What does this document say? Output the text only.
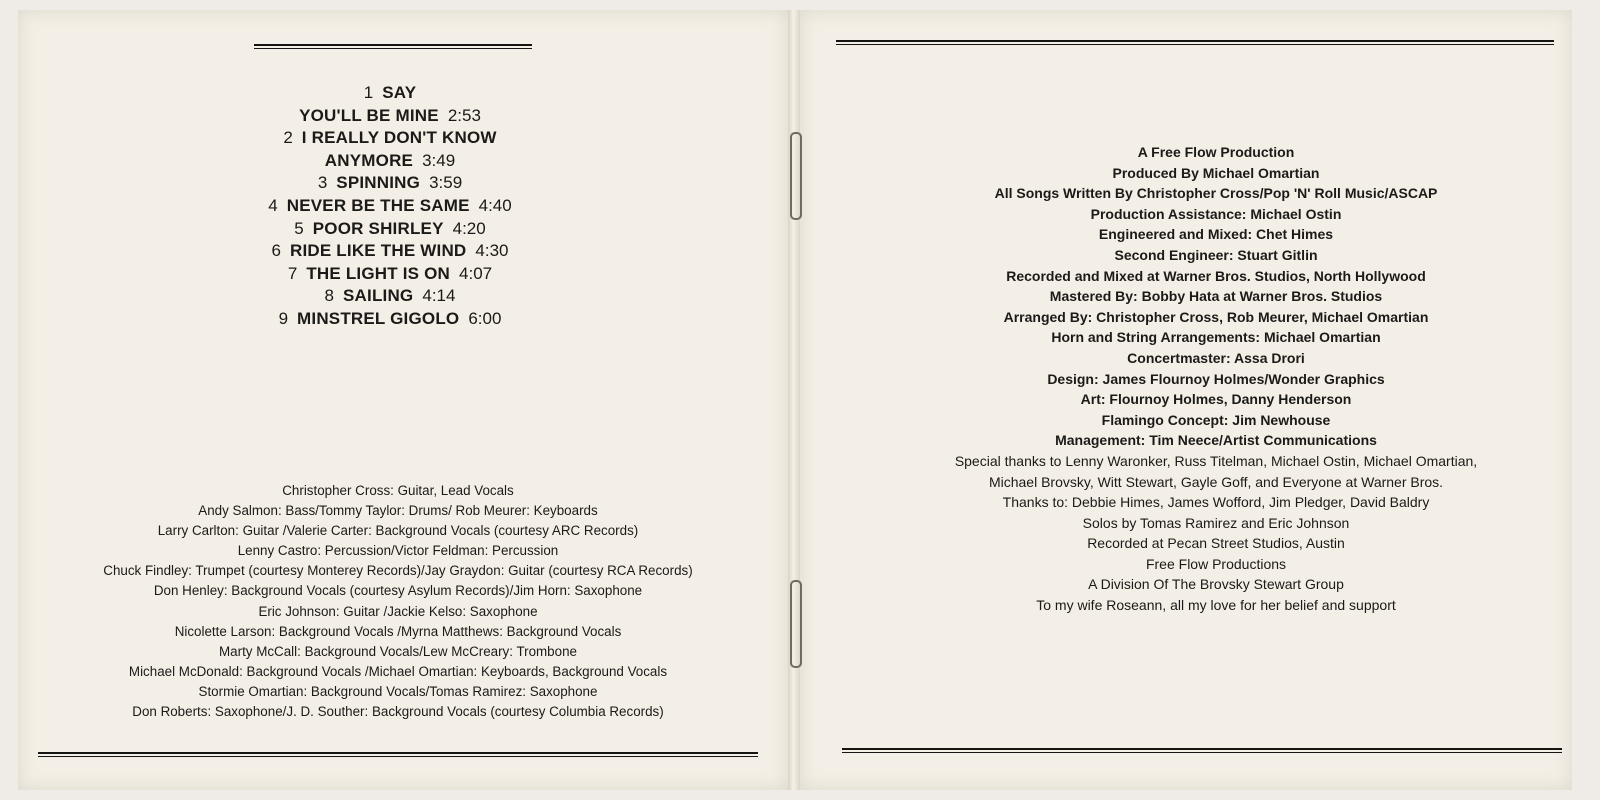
1 SAY
YOU'LL BE MINE 2:53
2 I REALLY DON'T KNOW
ANYMORE 3:49
3 SPINNING 3:59
4 NEVER BE THE SAME 4:40
5 POOR SHIRLEY 4:20
6 RIDE LIKE THE WIND 4:30
7 THE LIGHT IS ON 4:07
8 SAILING 4:14
9 MINSTREL GIGOLO 6:00
Christopher Cross: Guitar, Lead Vocals
Andy Salmon: Bass/Tommy Taylor: Drums/ Rob Meurer: Keyboards
Larry Carlton: Guitar /Valerie Carter: Background Vocals (courtesy ARC Records)
Lenny Castro: Percussion/Victor Feldman: Percussion
Chuck Findley: Trumpet (courtesy Monterey Records)/Jay Graydon: Guitar (courtesy RCA Records)
Don Henley: Background Vocals (courtesy Asylum Records)/Jim Horn: Saxophone
Eric Johnson: Guitar /Jackie Kelso: Saxophone
Nicolette Larson: Background Vocals /Myrna Matthews: Background Vocals
Marty McCall: Background Vocals/Lew McCreary: Trombone
Michael McDonald: Background Vocals /Michael Omartian: Keyboards, Background Vocals
Stormie Omartian: Background Vocals/Tomas Ramirez: Saxophone
Don Roberts: Saxophone/J. D. Souther: Background Vocals (courtesy Columbia Records)
A Free Flow Production
Produced By Michael Omartian
All Songs Written By Christopher Cross/Pop 'N' Roll Music/ASCAP
Production Assistance: Michael Ostin
Engineered and Mixed: Chet Himes
Second Engineer: Stuart Gitlin
Recorded and Mixed at Warner Bros. Studios, North Hollywood
Mastered By: Bobby Hata at Warner Bros. Studios
Arranged By: Christopher Cross, Rob Meurer, Michael Omartian
Horn and String Arrangements: Michael Omartian
Concertmaster: Assa Drori
Design: James Flournoy Holmes/Wonder Graphics
Art: Flournoy Holmes, Danny Henderson
Flamingo Concept: Jim Newhouse
Management: Tim Neece/Artist Communications
Special thanks to Lenny Waronker, Russ Titelman, Michael Ostin, Michael Omartian,
Michael Brovsky, Witt Stewart, Gayle Goff, and Everyone at Warner Bros.
Thanks to: Debbie Himes, James Wofford, Jim Pledger, David Baldry
Solos by Tomas Ramirez and Eric Johnson
Recorded at Pecan Street Studios, Austin
Free Flow Productions
A Division Of The Brovsky Stewart Group
To my wife Roseann, all my love for her belief and support
